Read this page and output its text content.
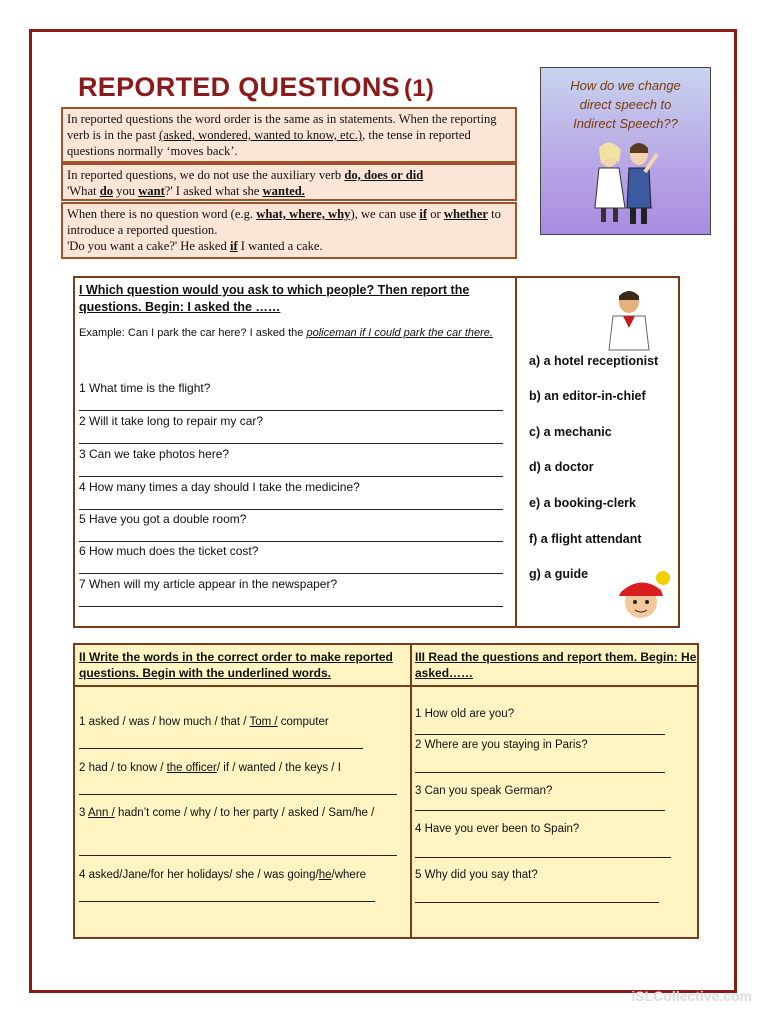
REPORTED QUESTIONS (1)
In reported questions the word order is the same as in statements. When the reporting verb is in the past (asked, wondered, wanted to know, etc.), the tense in reported questions normally ‘moves back’.
In reported questions, we do not use the auxiliary verb do, does or did
'What do you want?' I asked what she wanted.
When there is no question word (e.g. what, where, why), we can use if or whether to introduce a reported question.
'Do you want a cake?' He asked if I wanted a cake.
How do we change direct speech to Indirect Speech??
I Which question would you ask to which people? Then report the questions. Begin: I asked the ……
Example: Can I park the car here? I asked the policeman if I could park the car there.
1 What time is the flight?
2 Will it take long to repair my car?
3 Can we take photos here?
4 How many times a day should I take the medicine?
5 Have you got a double room?
6 How much does the ticket cost?
7 When will my article appear in the newspaper?
a) a hotel receptionist
b) an editor-in-chief
c) a mechanic
d) a doctor
e) a booking-clerk
f) a flight attendant
g) a guide
II Write the words in the correct order to make reported questions. Begin with the underlined words.
III Read the questions and report them. Begin: He asked……
1 asked / was / how much / that / Tom / computer
2 had / to know / the officer/ if / wanted / the keys / I
3 Ann / hadn’t come / why / to her party / asked / Sam/he /
4 asked/Jane/for her holidays/ she / was going/he/where
1 How old are you?
2 Where are you staying in Paris?
3 Can you speak German?
4 Have you ever been to Spain?
5 Why did you say that?
iSLCollective.com
